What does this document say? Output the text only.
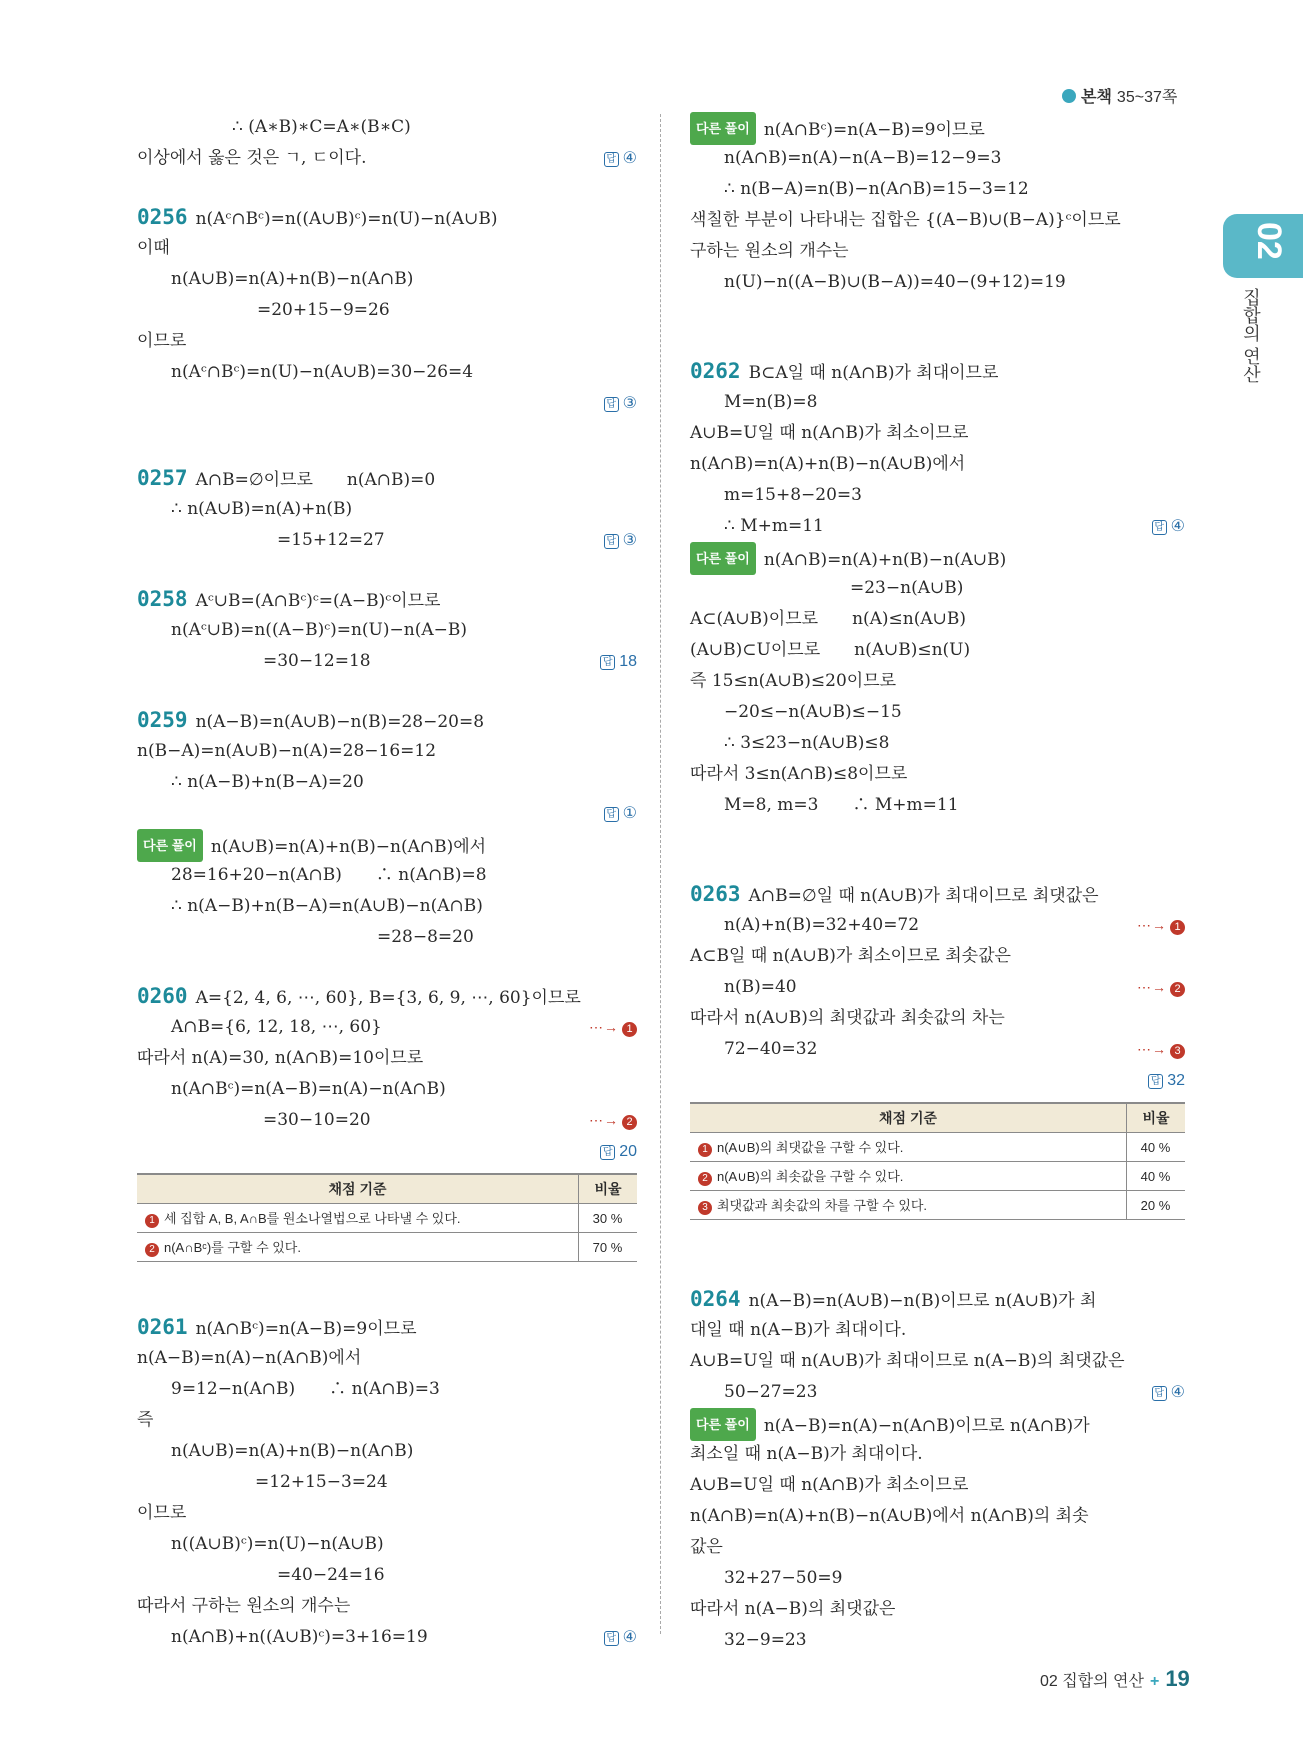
본책 35~37쪽
02
집합의 연산
∴ (A∗B)∗C=A∗(B∗C)
이상에서 옳은 것은 ㄱ, ㄷ이다.	답 ④
0256 n(Aᶜ∩Bᶜ)=n((A∪B)ᶜ)=n(U)−n(A∪B)
이때
n(A∪B)=n(A)+n(B)−n(A∩B)
=20+15−9=26
이므로
n(Aᶜ∩Bᶜ)=n(U)−n(A∪B)=30−26=4
답 ③
0257 A∩B=∅이므로　　n(A∩B)=0
∴ n(A∪B)=n(A)+n(B)
=15+12=27	답 ③
0258 Aᶜ∪B=(A∩Bᶜ)ᶜ=(A−B)ᶜ이므로
n(Aᶜ∪B)=n((A−B)ᶜ)=n(U)−n(A−B)
=30−12=18	답 18
0259 n(A−B)=n(A∪B)−n(B)=28−20=8
n(B−A)=n(A∪B)−n(A)=28−16=12
∴ n(A−B)+n(B−A)=20
답 ①
다른 풀이 n(A∪B)=n(A)+n(B)−n(A∩B)에서
28=16+20−n(A∩B)　　∴ n(A∩B)=8
∴ n(A−B)+n(B−A)=n(A∪B)−n(A∩B)
=28−8=20
0260 A={2, 4, 6, ⋯, 60}, B={3, 6, 9, ⋯, 60}이므로
A∩B={6, 12, 18, ⋯, 60}	⋯→ 1
따라서 n(A)=30, n(A∩B)=10이므로
n(A∩Bᶜ)=n(A−B)=n(A)−n(A∩B)
=30−10=20	⋯→ 2
답 20
채점 기준	비율
1 세 집합 A, B, A∩B를 원소나열법으로 나타낼 수 있다.	30 %
2 n(A∩Bᶜ)를 구할 수 있다.	70 %
0261 n(A∩Bᶜ)=n(A−B)=9이므로
n(A−B)=n(A)−n(A∩B)에서
9=12−n(A∩B)　　∴ n(A∩B)=3
즉
n(A∪B)=n(A)+n(B)−n(A∩B)
=12+15−3=24
이므로
n((A∪B)ᶜ)=n(U)−n(A∪B)
=40−24=16
따라서 구하는 원소의 개수는
n(A∩B)+n((A∪B)ᶜ)=3+16=19	답 ④
다른 풀이 n(A∩Bᶜ)=n(A−B)=9이므로
n(A∩B)=n(A)−n(A−B)=12−9=3
∴ n(B−A)=n(B)−n(A∩B)=15−3=12
색칠한 부분이 나타내는 집합은 {(A−B)∪(B−A)}ᶜ이므로
구하는 원소의 개수는
n(U)−n((A−B)∪(B−A))=40−(9+12)=19
0262 B⊂A일 때 n(A∩B)가 최대이므로
M=n(B)=8
A∪B=U일 때 n(A∩B)가 최소이므로
n(A∩B)=n(A)+n(B)−n(A∪B)에서
m=15+8−20=3
∴ M+m=11	답 ④
다른 풀이 n(A∩B)=n(A)+n(B)−n(A∪B)
=23−n(A∪B)
A⊂(A∪B)이므로　　n(A)≤n(A∪B)
(A∪B)⊂U이므로　　n(A∪B)≤n(U)
즉 15≤n(A∪B)≤20이므로
−20≤−n(A∪B)≤−15
∴ 3≤23−n(A∪B)≤8
따라서 3≤n(A∩B)≤8이므로
M=8, m=3　　∴ M+m=11
0263 A∩B=∅일 때 n(A∪B)가 최대이므로 최댓값은
n(A)+n(B)=32+40=72	⋯→ 1
A⊂B일 때 n(A∪B)가 최소이므로 최솟값은
n(B)=40	⋯→ 2
따라서 n(A∪B)의 최댓값과 최솟값의 차는
72−40=32	⋯→ 3
답 32
채점 기준	비율
1 n(A∪B)의 최댓값을 구할 수 있다.	40 %
2 n(A∪B)의 최솟값을 구할 수 있다.	40 %
3 최댓값과 최솟값의 차를 구할 수 있다.	20 %
0264 n(A−B)=n(A∪B)−n(B)이므로 n(A∪B)가 최
대일 때 n(A−B)가 최대이다.
A∪B=U일 때 n(A∪B)가 최대이므로 n(A−B)의 최댓값은
50−27=23	답 ④
다른 풀이 n(A−B)=n(A)−n(A∩B)이므로 n(A∩B)가
최소일 때 n(A−B)가 최대이다.
A∪B=U일 때 n(A∩B)가 최소이므로
n(A∩B)=n(A)+n(B)−n(A∪B)에서 n(A∩B)의 최솟
값은
32+27−50=9
따라서 n(A−B)의 최댓값은
32−9=23
02 집합의 연산 + 19
